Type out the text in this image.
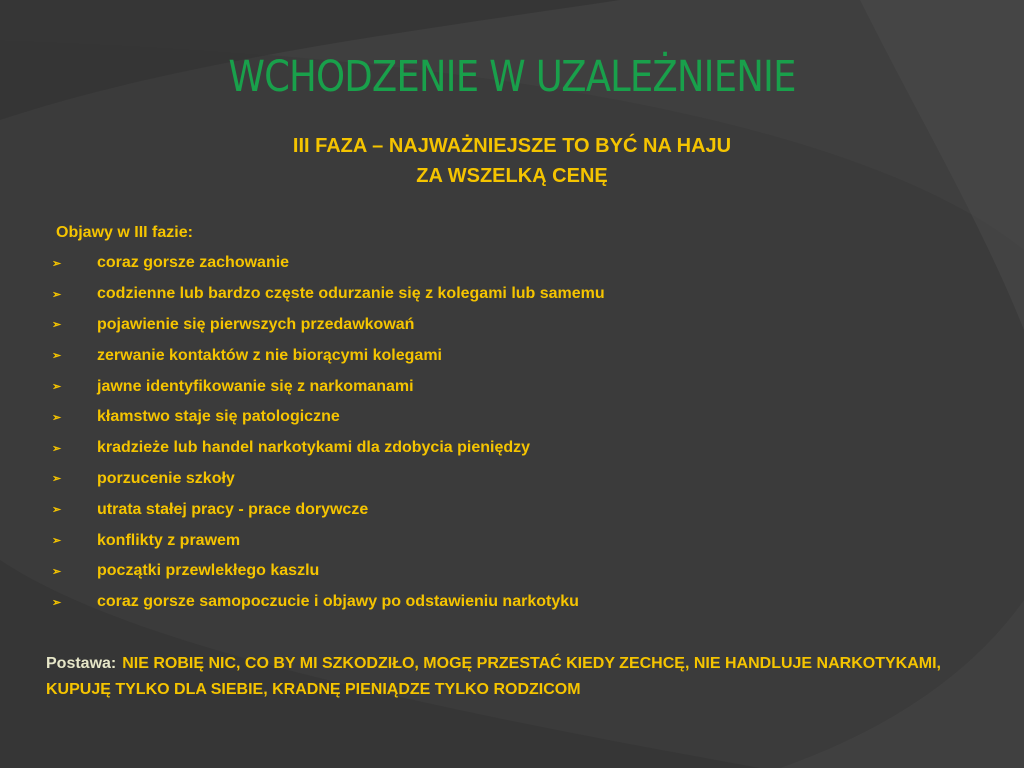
WCHODZENIE W UZALEŻNIENIE
III FAZA – NAJWAŻNIEJSZE TO BYĆ NA HAJU
ZA WSZELKĄ CENĘ
Objawy w III fazie:
➢	coraz gorsze zachowanie
➢	codzienne lub bardzo częste odurzanie się z kolegami lub samemu
➢	pojawienie się pierwszych przedawkowań
➢	zerwanie kontaktów z nie biorącymi kolegami
➢	jawne identyfikowanie się z narkomanami
➢	kłamstwo staje się patologiczne
➢	kradzieże lub handel narkotykami dla zdobycia pieniędzy
➢	porzucenie szkoły
➢	utrata stałej pracy - prace dorywcze
➢	konflikty z prawem
➢	początki przewlekłego kaszlu
➢	coraz gorsze samopoczucie i objawy po odstawieniu narkotyku

Postawa: NIE ROBIĘ NIC, CO BY MI SZKODZIŁO, MOGĘ PRZESTAĆ KIEDY ZECHCĘ, NIE HANDLUJE NARKOTYKAMI, KUPUJĘ TYLKO DLA SIEBIE, KRADNĘ PIENIĄDZE TYLKO RODZICOM
